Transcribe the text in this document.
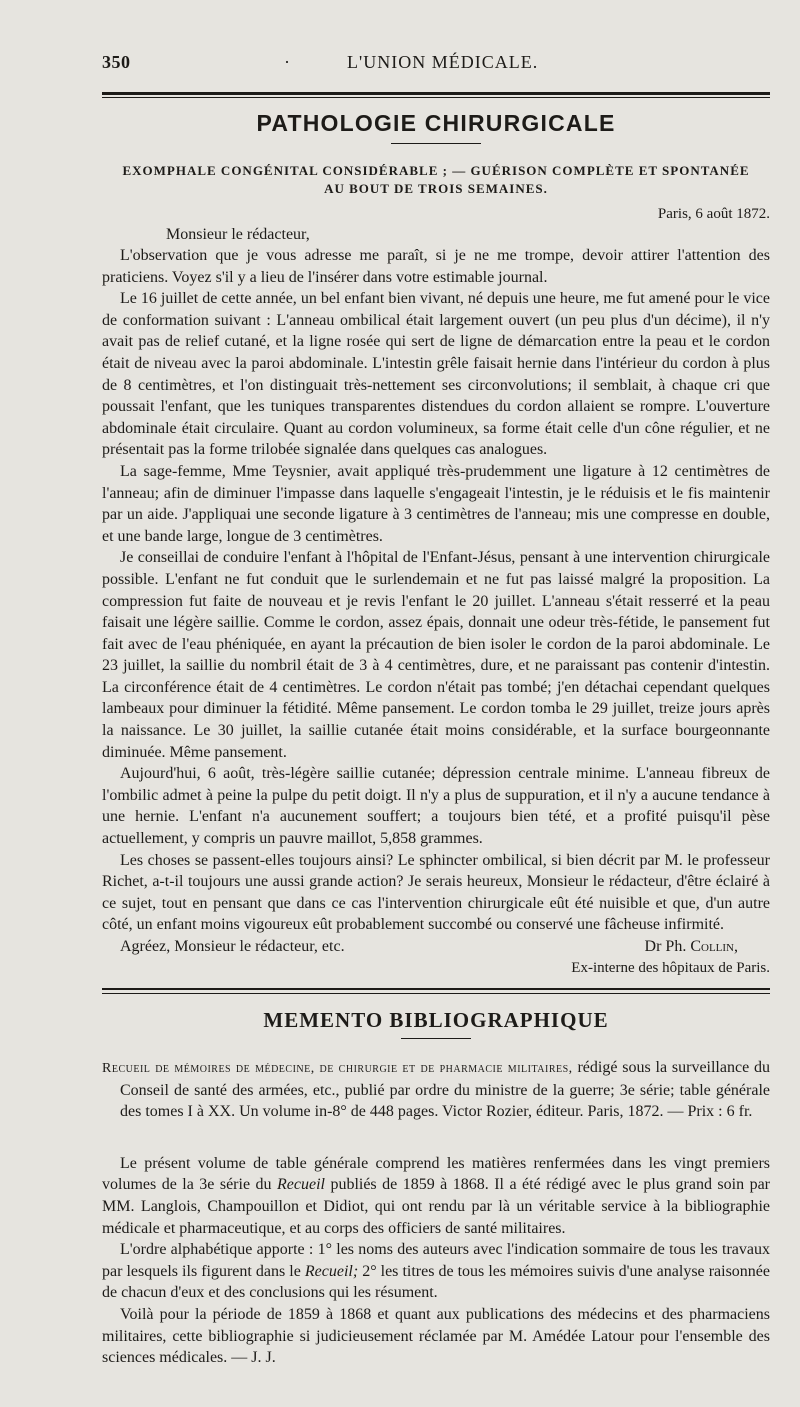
350	·	L'UNION MÉDICALE.
PATHOLOGIE CHIRURGICALE
EXOMPHALE CONGÉNITAL CONSIDÉRABLE ; — GUÉRISON COMPLÈTE ET SPONTANÉE
AU BOUT DE TROIS SEMAINES.
Paris, 6 août 1872.
Monsieur le rédacteur,

L'observation que je vous adresse me paraît, si je ne me trompe, devoir attirer l'attention des praticiens. Voyez s'il y a lieu de l'insérer dans votre estimable journal.

Le 16 juillet de cette année, un bel enfant bien vivant, né depuis une heure, me fut amené pour le vice de conformation suivant : L'anneau ombilical était largement ouvert (un peu plus d'un décime), il n'y avait pas de relief cutané, et la ligne rosée qui sert de ligne de démarcation entre la peau et le cordon était de niveau avec la paroi abdominale. L'intestin grêle faisait hernie dans l'intérieur du cordon à plus de 8 centimètres, et l'on distinguait très-nettement ses circonvolutions; il semblait, à chaque cri que poussait l'enfant, que les tuniques transparentes distendues du cordon allaient se rompre. L'ouverture abdominale était circulaire. Quant au cordon volumineux, sa forme était celle d'un cône régulier, et ne présentait pas la forme trilobée signalée dans quelques cas analogues.

La sage-femme, Mme Teysnier, avait appliqué très-prudemment une ligature à 12 centimètres de l'anneau; afin de diminuer l'impasse dans laquelle s'engageait l'intestin, je le réduisis et le fis maintenir par un aide. J'appliquai une seconde ligature à 3 centimètres de l'anneau; mis une compresse en double, et une bande large, longue de 3 centimètres.

Je conseillai de conduire l'enfant à l'hôpital de l'Enfant-Jésus, pensant à une intervention chirurgicale possible. L'enfant ne fut conduit que le surlendemain et ne fut pas laissé malgré la proposition. La compression fut faite de nouveau et je revis l'enfant le 20 juillet. L'anneau s'était resserré et la peau faisait une légère saillie. Comme le cordon, assez épais, donnait une odeur très-fétide, le pansement fut fait avec de l'eau phéniquée, en ayant la précaution de bien isoler le cordon de la paroi abdominale. Le 23 juillet, la saillie du nombril était de 3 à 4 centimètres, dure, et ne paraissant pas contenir d'intestin. La circonférence était de 4 centimètres. Le cordon n'était pas tombé; j'en détachai cependant quelques lambeaux pour diminuer la fétidité. Même pansement. Le cordon tomba le 29 juillet, treize jours après la naissance. Le 30 juillet, la saillie cutanée était moins considérable, et la surface bourgeonnante diminuée. Même pansement.

Aujourd'hui, 6 août, très-légère saillie cutanée; dépression centrale minime. L'anneau fibreux de l'ombilic admet à peine la pulpe du petit doigt. Il n'y a plus de suppuration, et il n'y a aucune tendance à une hernie. L'enfant n'a aucunement souffert; a toujours bien tété, et a profité puisqu'il pèse actuellement, y compris un pauvre maillot, 5,858 grammes.

Les choses se passent-elles toujours ainsi? Le sphincter ombilical, si bien décrit par M. le professeur Richet, a-t-il toujours une aussi grande action? Je serais heureux, Monsieur le rédacteur, d'être éclairé à ce sujet, tout en pensant que dans ce cas l'intervention chirurgicale eût été nuisible et que, d'un autre côté, un enfant moins vigoureux eût probablement succombé ou conservé une fâcheuse infirmité.

Agréez, Monsieur le rédacteur, etc.	Dr Ph. Collin,
Ex-interne des hôpitaux de Paris.
MEMENTO BIBLIOGRAPHIQUE

Recueil de mémoires de médecine, de chirurgie et de pharmacie militaires, rédigé sous la surveillance du Conseil de santé des armées, etc., publié par ordre du ministre de la guerre; 3e série; table générale des tomes I à XX. Un volume in-8° de 448 pages. Victor Rozier, éditeur. Paris, 1872. — Prix : 6 fr.

Le présent volume de table générale comprend les matières renfermées dans les vingt premiers volumes de la 3e série du Recueil publiés de 1859 à 1868. Il a été rédigé avec le plus grand soin par MM. Langlois, Champouillon et Didiot, qui ont rendu par là un véritable service à la bibliographie médicale et pharmaceutique, et au corps des officiers de santé militaires.

L'ordre alphabétique apporte : 1° les noms des auteurs avec l'indication sommaire de tous les travaux par lesquels ils figurent dans le Recueil; 2° les titres de tous les mémoires suivis d'une analyse raisonnée de chacun d'eux et des conclusions qui les résument.

Voilà pour la période de 1859 à 1868 et quant aux publications des médecins et des pharmaciens militaires, cette bibliographie si judicieusement réclamée par M. Amédée Latour pour l'ensemble des sciences médicales. — J. J.
